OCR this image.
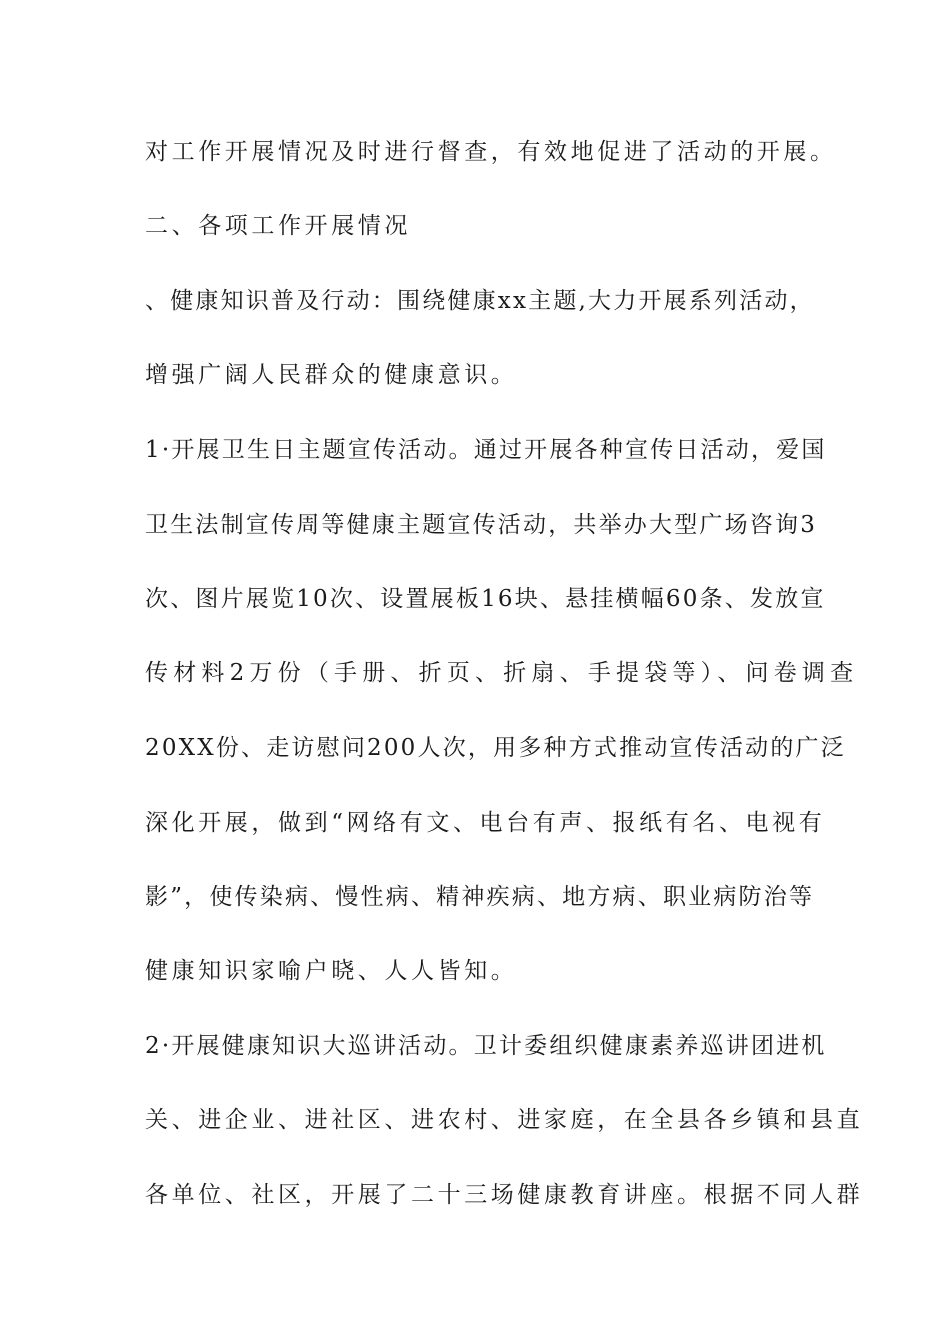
对工作开展情况及时进行督查，有效地促进了活动的开展。
二、各项工作开展情况
、健康知识普及行动：围绕健康xx主题,大力开展系列活动，
增强广阔人民群众的健康意识。
1·开展卫生日主题宣传活动。通过开展各种宣传日活动，爱国
卫生法制宣传周等健康主题宣传活动，共举办大型广场咨询3
次、图片展览10次、设置展板16块、悬挂横幅60条、发放宣
传材料2万份（手册、折页、折扇、手提袋等）、问卷调查
20XX份、走访慰问200人次，用多种方式推动宣传活动的广泛
深化开展，做到“网络有文、电台有声、报纸有名、电视有
影”，使传染病、慢性病、精神疾病、地方病、职业病防治等
健康知识家喻户晓、人人皆知。
2·开展健康知识大巡讲活动。卫计委组织健康素养巡讲团进机
关、进企业、进社区、进农村、进家庭，在全县各乡镇和县直
各单位、社区，开展了二十三场健康教育讲座。根据不同人群
